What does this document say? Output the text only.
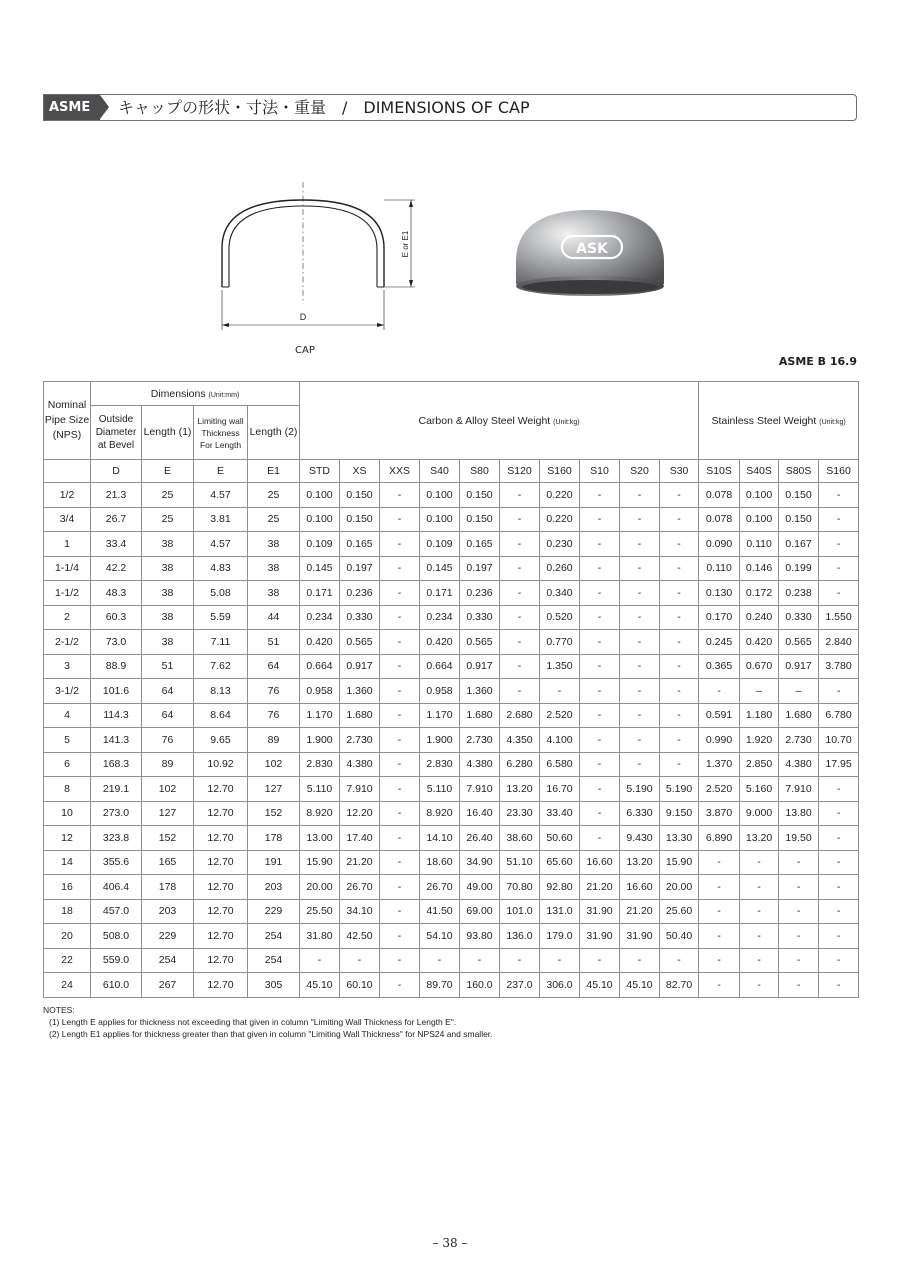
ASME	キャップの形状・寸法・重量　/　DIMENSIONS OF CAP
D
E or E1	ASK
CAP
ASME B 16.9
Nominal Pipe Size (NPS)	Dimensions (Unit:mm)				Carbon & Alloy Steel Weight (Unit:kg)										Stainless Steel Weight (Unit:kg)			
	Outside Diameter at Bevel	Length (1)	Limiting wall Thickness For Length	Length (2)														
	D	E	E	E1	STD	XS	XXS	S40	S80	S120	S160	S10	S20	S30	S10S	S40S	S80S	S160
1/2	21.3	25	4.57	25	0.100	0.150	-	0.100	0.150	-	0.220	-	-	-	0.078	0.100	0.150	-
3/4	26.7	25	3.81	25	0.100	0.150	-	0.100	0.150	-	0.220	-	-	-	0.078	0.100	0.150	-
1	33.4	38	4.57	38	0.109	0.165	-	0.109	0.165	-	0.230	-	-	-	0.090	0.110	0.167	-
1-1/4	42.2	38	4.83	38	0.145	0.197	-	0.145	0.197	-	0.260	-	-	-	0.110	0.146	0.199	-
1-1/2	48.3	38	5.08	38	0.171	0.236	-	0.171	0.236	-	0.340	-	-	-	0.130	0.172	0.238	-
2	60.3	38	5.59	44	0.234	0.330	-	0.234	0.330	-	0.520	-	-	-	0.170	0.240	0.330	1.550
2-1/2	73.0	38	7.11	51	0.420	0.565	-	0.420	0.565	-	0.770	-	-	-	0.245	0.420	0.565	2.840
3	88.9	51	7.62	64	0.664	0.917	-	0.664	0.917	-	1.350	-	-	-	0.365	0.670	0.917	3.780
3-1/2	101.6	64	8.13	76	0.958	1.360	-	0.958	1.360	-	-	-	-	-	-	–	–	-
4	114.3	64	8.64	76	1.170	1.680	-	1.170	1.680	2.680	2.520	-	-	-	0.591	1.180	1.680	6.780
5	141.3	76	9.65	89	1.900	2.730	-	1.900	2.730	4.350	4.100	-	-	-	0.990	1.920	2.730	10.70
6	168.3	89	10.92	102	2.830	4.380	-	2.830	4.380	6.280	6.580	-	-	-	1.370	2.850	4.380	17.95
8	219.1	102	12.70	127	5.110	7.910	-	5.110	7.910	13.20	16.70	-	5.190	5.190	2.520	5.160	7.910	-
10	273.0	127	12.70	152	8.920	12.20	-	8.920	16.40	23.30	33.40	-	6.330	9.150	3.870	9.000	13.80	-
12	323.8	152	12.70	178	13.00	17.40	-	14.10	26.40	38.60	50.60	-	9.430	13.30	6.890	13.20	19.50	-
14	355.6	165	12.70	191	15.90	21.20	-	18.60	34.90	51.10	65.60	16.60	13.20	15.90	-	-	-	-
16	406.4	178	12.70	203	20.00	26.70	-	26.70	49.00	70.80	92.80	21.20	16.60	20.00	-	-	-	-
18	457.0	203	12.70	229	25.50	34.10	-	41.50	69.00	101.0	131.0	31.90	21.20	25.60	-	-	-	-
20	508.0	229	12.70	254	31.80	42.50	-	54.10	93.80	136.0	179.0	31.90	31.90	50.40	-	-	-	-
22	559.0	254	12.70	254	-	-	-	-	-	-	-	-	-	-	-	-	-	-
24	610.0	267	12.70	305	45.10	60.10	-	89.70	160.0	237.0	306.0	45.10	45.10	82.70	-	-	-	-
NOTES:
(1) Length E applies for thickness not exceeding that given in column "Limiting Wall Thickness for Length E".
(2) Length E1 applies for thickness greater than that given in column "Limiting Wall Thickness" for NPS24 and smaller.
– 38 –
